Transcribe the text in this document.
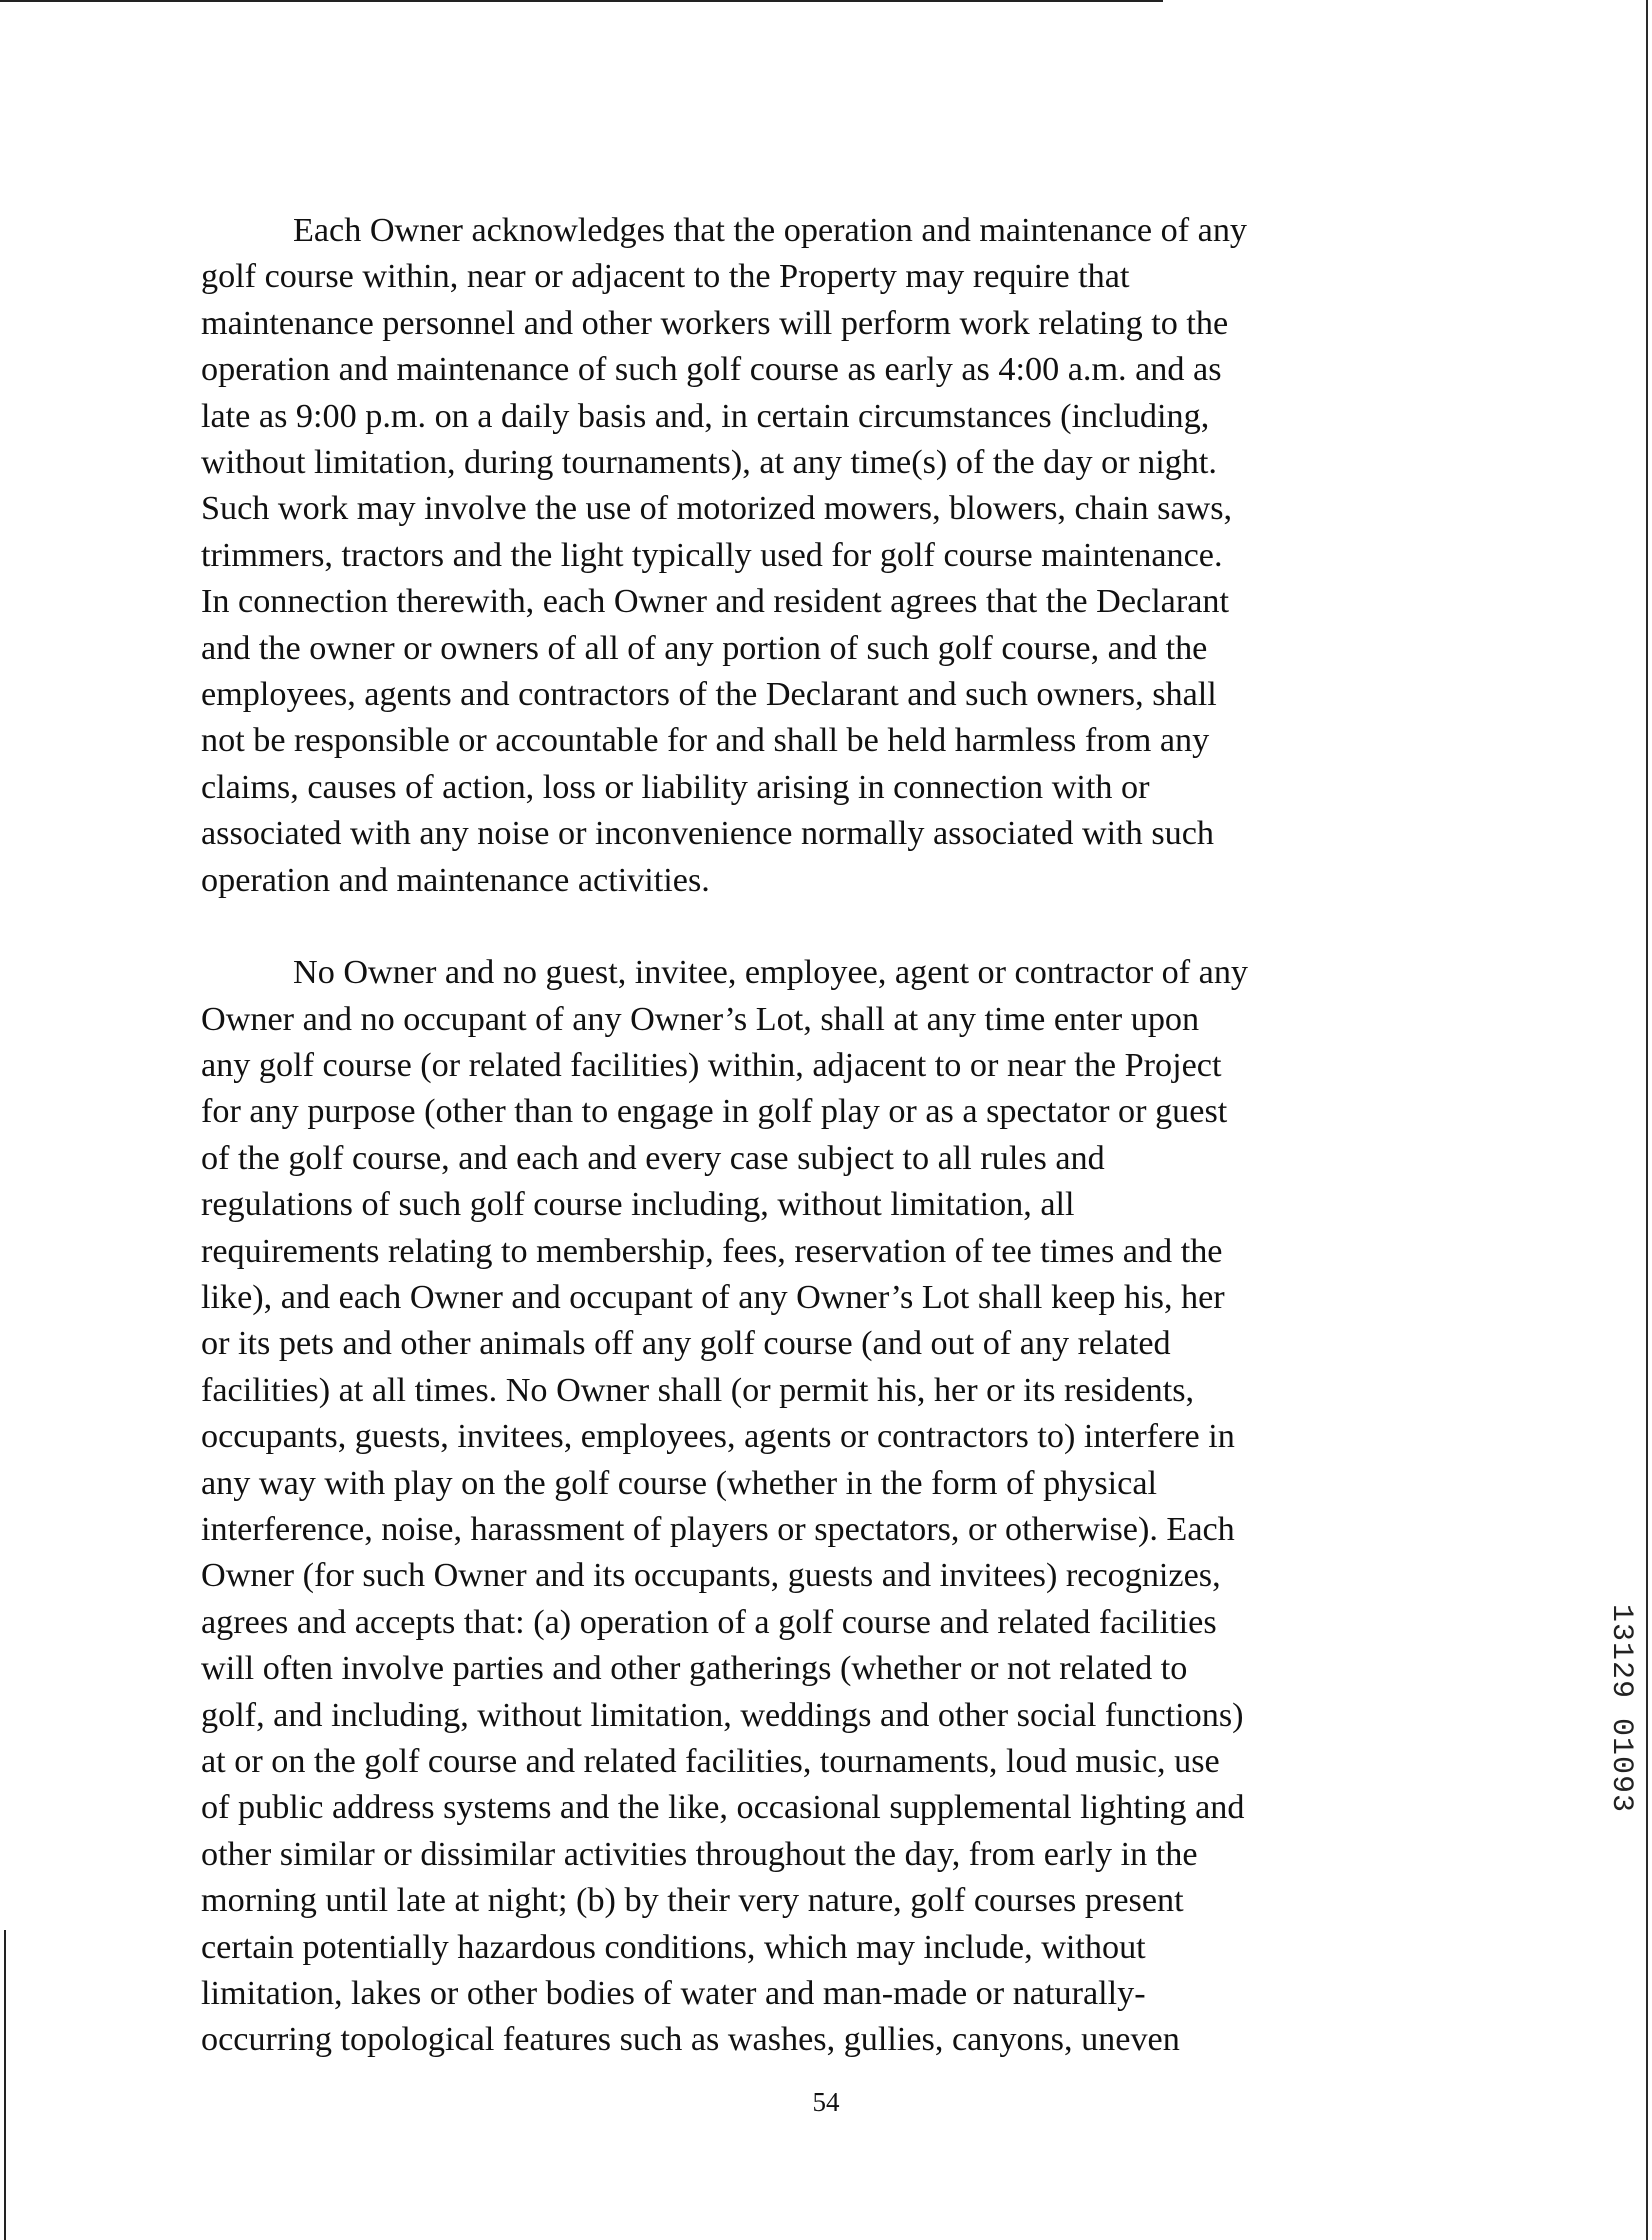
Each Owner acknowledges that the operation and maintenance of any
golf course within, near or adjacent to the Property may require that
maintenance personnel and other workers will perform work relating to the
operation and maintenance of such golf course as early as 4:00 a.m. and as
late as 9:00 p.m. on a daily basis and, in certain circumstances (including,
without limitation, during tournaments), at any time(s) of the day or night.
Such work may involve the use of motorized mowers, blowers, chain saws,
trimmers, tractors and the light typically used for golf course maintenance.
In connection therewith, each Owner and resident agrees that the Declarant
and the owner or owners of all of any portion of such golf course, and the
employees, agents and contractors of the Declarant and such owners, shall
not be responsible or accountable for and shall be held harmless from any
claims, causes of action, loss or liability arising in connection with or
associated with any noise or inconvenience normally associated with such
operation and maintenance activities.

No Owner and no guest, invitee, employee, agent or contractor of any
Owner and no occupant of any Owner’s Lot, shall at any time enter upon
any golf course (or related facilities) within, adjacent to or near the Project
for any purpose (other than to engage in golf play or as a spectator or guest
of the golf course, and each and every case subject to all rules and
regulations of such golf course including, without limitation, all
requirements relating to membership, fees, reservation of tee times and the
like), and each Owner and occupant of any Owner’s Lot shall keep his, her
or its pets and other animals off any golf course (and out of any related
facilities) at all times. No Owner shall (or permit his, her or its residents,
occupants, guests, invitees, employees, agents or contractors to) interfere in
any way with play on the golf course (whether in the form of physical
interference, noise, harassment of players or spectators, or otherwise). Each
Owner (for such Owner and its occupants, guests and invitees) recognizes,
agrees and accepts that: (a) operation of a golf course and related facilities
will often involve parties and other gatherings (whether or not related to
golf, and including, without limitation, weddings and other social functions)
at or on the golf course and related facilities, tournaments, loud music, use
of public address systems and the like, occasional supplemental lighting and
other similar or dissimilar activities throughout the day, from early in the
morning until late at night; (b) by their very nature, golf courses present
certain potentially hazardous conditions, which may include, without
limitation, lakes or other bodies of water and man-made or naturally-
occurring topological features such as washes, gullies, canyons, uneven

54
13129 01093
